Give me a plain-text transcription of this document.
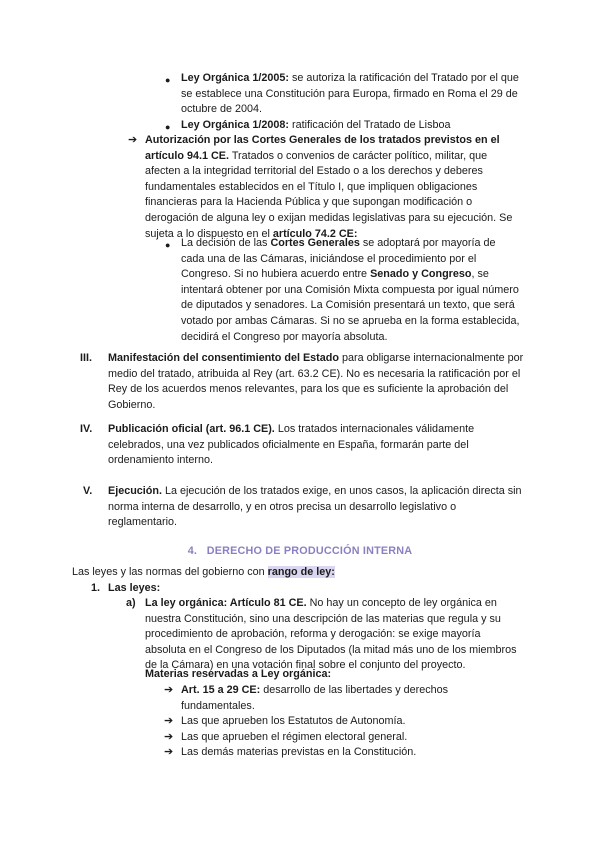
● Ley Orgánica 1/2005: se autoriza la ratificación del Tratado por el que se establece una Constitución para Europa, firmado en Roma el 29 de octubre de 2004.

● Ley Orgánica 1/2008: ratificación del Tratado de Lisboa

➔ Autorización por las Cortes Generales de los tratados previstos en el artículo 94.1 CE. Tratados o convenios de carácter político, militar, que afecten a la integridad territorial del Estado o a los derechos y deberes fundamentales establecidos en el Título I, que impliquen obligaciones financieras para la Hacienda Pública y que supongan modificación o derogación de alguna ley o exijan medidas legislativas para su ejecución. Se sujeta a lo dispuesto en el artículo 74.2 CE:

● La decisión de las Cortes Generales se adoptará por mayoría de cada una de las Cámaras, iniciándose el procedimiento por el Congreso. Si no hubiera acuerdo entre Senado y Congreso, se intentará obtener por una Comisión Mixta compuesta por igual número de diputados y senadores. La Comisión presentará un texto, que será votado por ambas Cámaras. Si no se aprueba en la forma establecida, decidirá el Congreso por mayoría absoluta.

III. Manifestación del consentimiento del Estado para obligarse internacionalmente por medio del tratado, atribuida al Rey (art. 63.2 CE). No es necesaria la ratificación por el Rey de los acuerdos menos relevantes, para los que es suficiente la aprobación del Gobierno.

IV. Publicación oficial (art. 96.1 CE). Los tratados internacionales válidamente celebrados, una vez publicados oficialmente en España, formarán parte del ordenamiento interno.

V. Ejecución. La ejecución de los tratados exige, en unos casos, la aplicación directa sin norma interna de desarrollo, y en otros precisa un desarrollo legislativo o reglamentario.

4. DERECHO DE PRODUCCIÓN INTERNA

Las leyes y las normas del gobierno con rango de ley:

1. Las leyes:

a) La ley orgánica: Artículo 81 CE. No hay un concepto de ley orgánica en nuestra Constitución, sino una descripción de las materias que regula y su procedimiento de aprobación, reforma y derogación: se exige mayoría absoluta en el Congreso de los Diputados (la mitad más uno de los miembros de la Cámara) en una votación final sobre el conjunto del proyecto.

Materias reservadas a Ley orgánica:

➔ Art. 15 a 29 CE: desarrollo de las libertades y derechos fundamentales.

➔ Las que aprueben los Estatutos de Autonomía.

➔ Las que aprueben el régimen electoral general.

➔ Las demás materias previstas en la Constitución.
